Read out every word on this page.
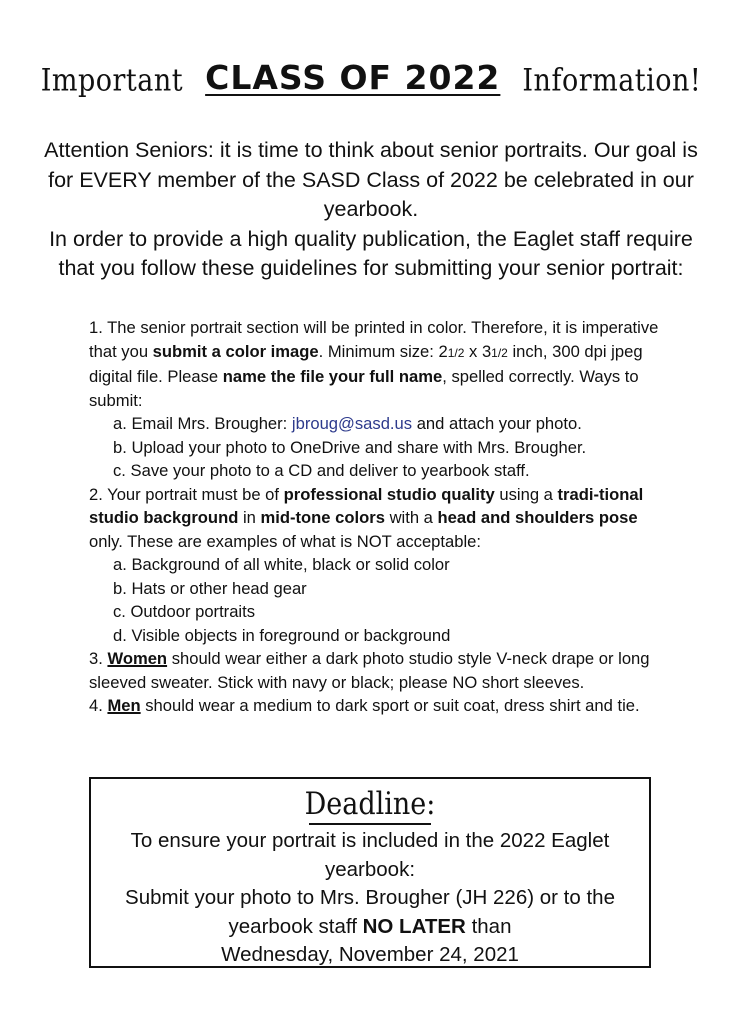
Important CLASS OF 2022 Information!

Attention Seniors: it is time to think about senior portraits. Our goal is for EVERY member of the SASD Class of 2022 be celebrated in our yearbook.

In order to provide a high quality publication, the Eaglet staff require that you follow these guidelines for submitting your senior portrait:

1. The senior portrait section will be printed in color. Therefore, it is imperative that you submit a color image. Minimum size: 21/2 x 31/2 inch, 300 dpi jpeg digital file. Please name the file your full name, spelled correctly. Ways to submit:

a. Email Mrs. Brougher: jbroug@sasd.us and attach your photo.

b. Upload your photo to OneDrive and share with Mrs. Brougher.

c. Save your photo to a CD and deliver to yearbook staff.

2. Your portrait must be of professional studio quality using a tradi-tional studio background in mid-tone colors with a head and shoulders pose only. These are examples of what is NOT acceptable:

a. Background of all white, black or solid color

b. Hats or other head gear

c. Outdoor portraits

d. Visible objects in foreground or background

3. Women should wear either a dark photo studio style V-neck drape or long sleeved sweater. Stick with navy or black; please NO short sleeves.

4. Men should wear a medium to dark sport or suit coat, dress shirt and tie.

Deadline:

To ensure your portrait is included in the 2022 Eaglet yearbook:

Submit your photo to Mrs. Brougher (JH 226) or to the yearbook staff NO LATER than

Wednesday, November 24, 2021
